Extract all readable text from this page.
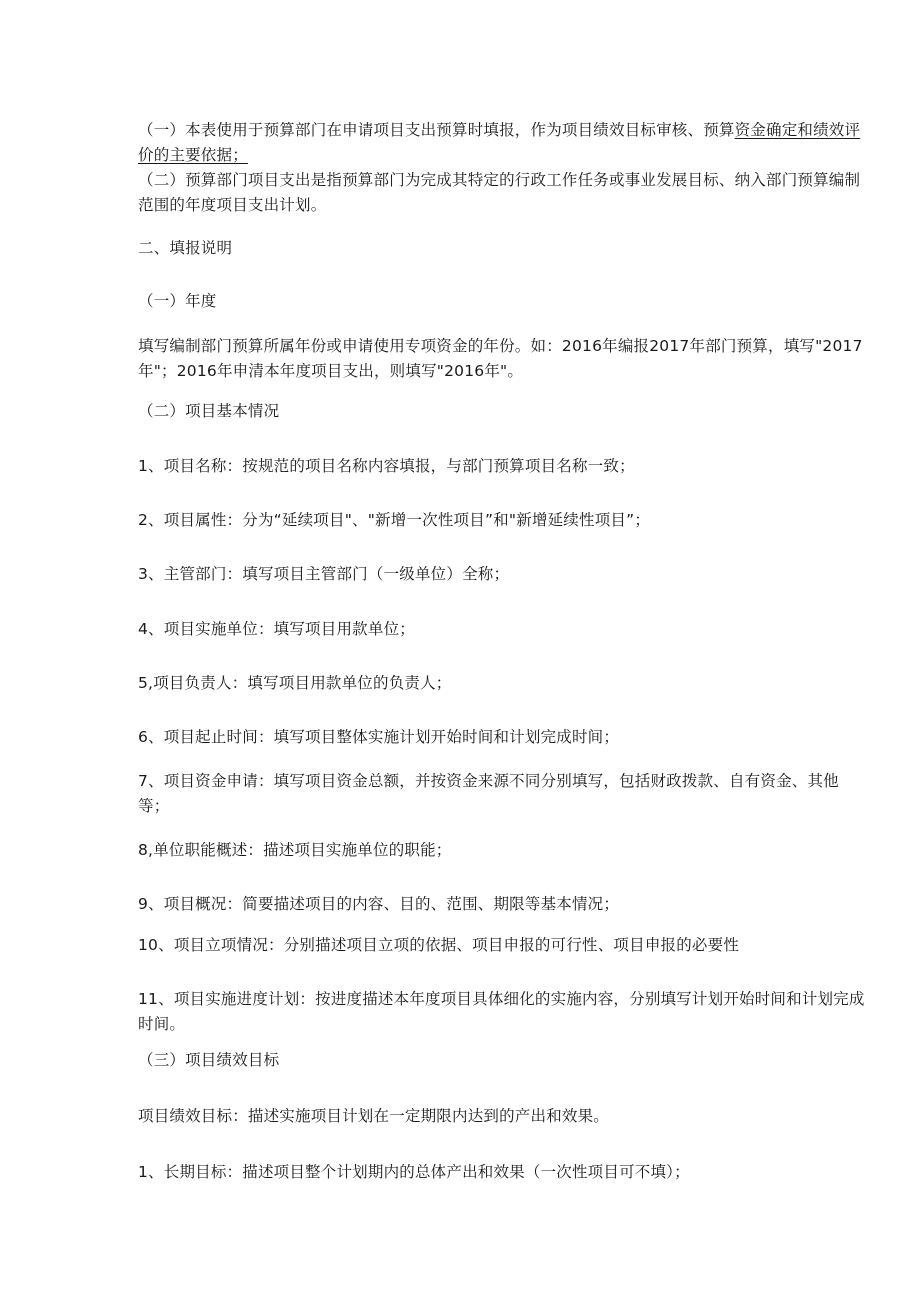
（一）本表使用于预算部门在申请项目支出预算时填报，作为项目绩效目标审核、预算资金确定和绩效评价的主要依据；

（二）预算部门项目支出是指预算部门为完成其特定的行政工作任务或事业发展目标、纳入部门预算编制范围的年度项目支出计划。

二、填报说明

（一）年度

填写编制部门预算所属年份或申请使用专项资金的年份。如：2016年编报2017年部门预算，填写"2017年"；2016年申清本年度项目支出，则填写"2016年"。

（二）项目基本情况

1、项目名称：按规范的项目名称内容填报，与部门预算项目名称一致；

2、项目属性：分为“延续项目"、"新增一次性项目”和"新增延续性项目”；

3、主管部门：填写项目主管部门（一级单位）全称；

4、项目实施单位：填写项目用款单位；

5,项目负责人：填写项目用款单位的负责人；

6、项目起止时间：填写项目整体实施计划开始时间和计划完成时间；

7、项目资金申请：填写项目资金总额，并按资金来源不同分别填写，包括财政拨款、自有资金、其他等；

8,单位职能概述：描述项目实施单位的职能；

9、项目概况：简要描述项目的内容、目的、范围、期限等基本情况；

10、项目立项情况：分别描述项目立项的依据、项目申报的可行性、项目申报的必要性

11、项目实施进度计划：按进度描述本年度项目具体细化的实施内容，分别填写计划开始时间和计划完成时间。

（三）项目绩效目标

项目绩效目标：描述实施项目计划在一定期限内达到的产出和效果。

1、长期目标：描述项目整个计划期内的总体产出和效果（一次性项目可不填）；
